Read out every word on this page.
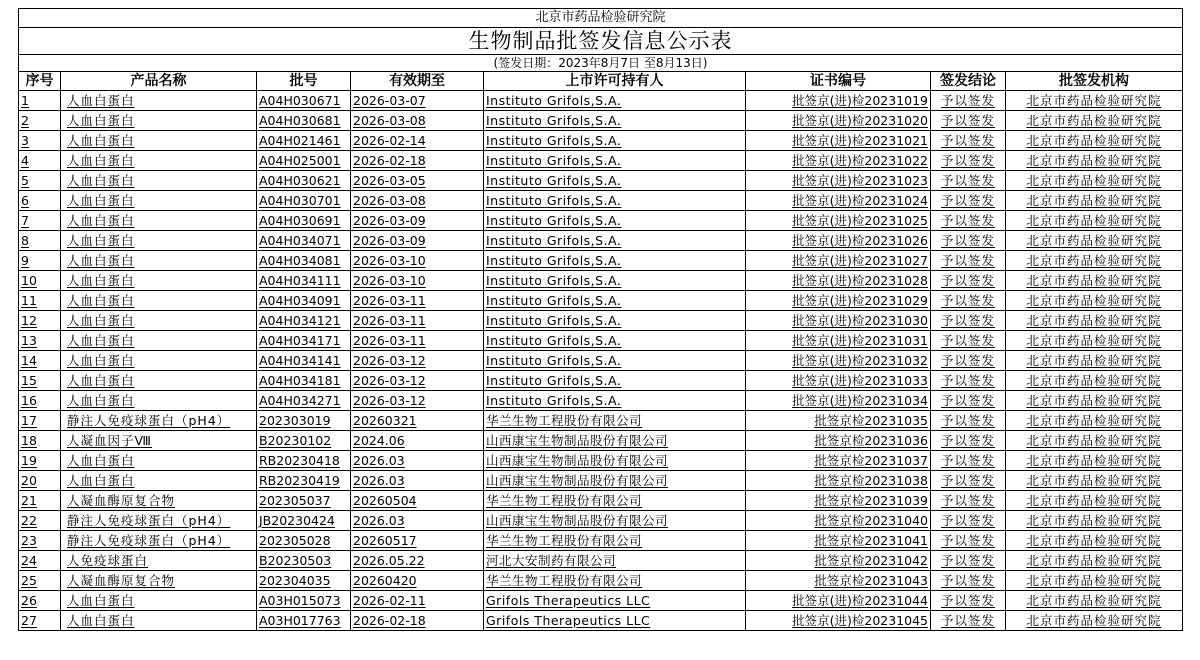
北京市药品检验研究院							
生物制品批签发信息公示表							
(签发日期：2023年8月7日 至8月13日)							
序号	产品名称	批号	有效期至	上市许可持有人	证书编号	签发结论	批签发机构
1	人血白蛋白	A04H030671	2026-03-07	Instituto Grifols,S.A.	批签京(进)检20231019	予以签发	北京市药品检验研究院
2	人血白蛋白	A04H030681	2026-03-08	Instituto Grifols,S.A.	批签京(进)检20231020	予以签发	北京市药品检验研究院
3	人血白蛋白	A04H021461	2026-02-14	Instituto Grifols,S.A.	批签京(进)检20231021	予以签发	北京市药品检验研究院
4	人血白蛋白	A04H025001	2026-02-18	Instituto Grifols,S.A.	批签京(进)检20231022	予以签发	北京市药品检验研究院
5	人血白蛋白	A04H030621	2026-03-05	Instituto Grifols,S.A.	批签京(进)检20231023	予以签发	北京市药品检验研究院
6	人血白蛋白	A04H030701	2026-03-08	Instituto Grifols,S.A.	批签京(进)检20231024	予以签发	北京市药品检验研究院
7	人血白蛋白	A04H030691	2026-03-09	Instituto Grifols,S.A.	批签京(进)检20231025	予以签发	北京市药品检验研究院
8	人血白蛋白	A04H034071	2026-03-09	Instituto Grifols,S.A.	批签京(进)检20231026	予以签发	北京市药品检验研究院
9	人血白蛋白	A04H034081	2026-03-10	Instituto Grifols,S.A.	批签京(进)检20231027	予以签发	北京市药品检验研究院
10	人血白蛋白	A04H034111	2026-03-10	Instituto Grifols,S.A.	批签京(进)检20231028	予以签发	北京市药品检验研究院
11	人血白蛋白	A04H034091	2026-03-11	Instituto Grifols,S.A.	批签京(进)检20231029	予以签发	北京市药品检验研究院
12	人血白蛋白	A04H034121	2026-03-11	Instituto Grifols,S.A.	批签京(进)检20231030	予以签发	北京市药品检验研究院
13	人血白蛋白	A04H034171	2026-03-11	Instituto Grifols,S.A.	批签京(进)检20231031	予以签发	北京市药品检验研究院
14	人血白蛋白	A04H034141	2026-03-12	Instituto Grifols,S.A.	批签京(进)检20231032	予以签发	北京市药品检验研究院
15	人血白蛋白	A04H034181	2026-03-12	Instituto Grifols,S.A.	批签京(进)检20231033	予以签发	北京市药品检验研究院
16	人血白蛋白	A04H034271	2026-03-12	Instituto Grifols,S.A.	批签京(进)检20231034	予以签发	北京市药品检验研究院
17	静注人免疫球蛋白（pH4）	202303019	20260321	华兰生物工程股份有限公司	批签京检20231035	予以签发	北京市药品检验研究院
18	人凝血因子Ⅷ	B20230102	2024.06	山西康宝生物制品股份有限公司	批签京检20231036	予以签发	北京市药品检验研究院
19	人血白蛋白	RB20230418	2026.03	山西康宝生物制品股份有限公司	批签京检20231037	予以签发	北京市药品检验研究院
20	人血白蛋白	RB20230419	2026.03	山西康宝生物制品股份有限公司	批签京检20231038	予以签发	北京市药品检验研究院
21	人凝血酶原复合物	202305037	20260504	华兰生物工程股份有限公司	批签京检20231039	予以签发	北京市药品检验研究院
22	静注人免疫球蛋白（pH4）	JB20230424	2026.03	山西康宝生物制品股份有限公司	批签京检20231040	予以签发	北京市药品检验研究院
23	静注人免疫球蛋白（pH4）	202305028	20260517	华兰生物工程股份有限公司	批签京检20231041	予以签发	北京市药品检验研究院
24	人免疫球蛋白	B20230503	2026.05.22	河北大安制药有限公司	批签京检20231042	予以签发	北京市药品检验研究院
25	人凝血酶原复合物	202304035	20260420	华兰生物工程股份有限公司	批签京检20231043	予以签发	北京市药品检验研究院
26	人血白蛋白	A03H015073	2026-02-11	Grifols Therapeutics LLC	批签京(进)检20231044	予以签发	北京市药品检验研究院
27	人血白蛋白	A03H017763	2026-02-18	Grifols Therapeutics LLC	批签京(进)检20231045	予以签发	北京市药品检验研究院
